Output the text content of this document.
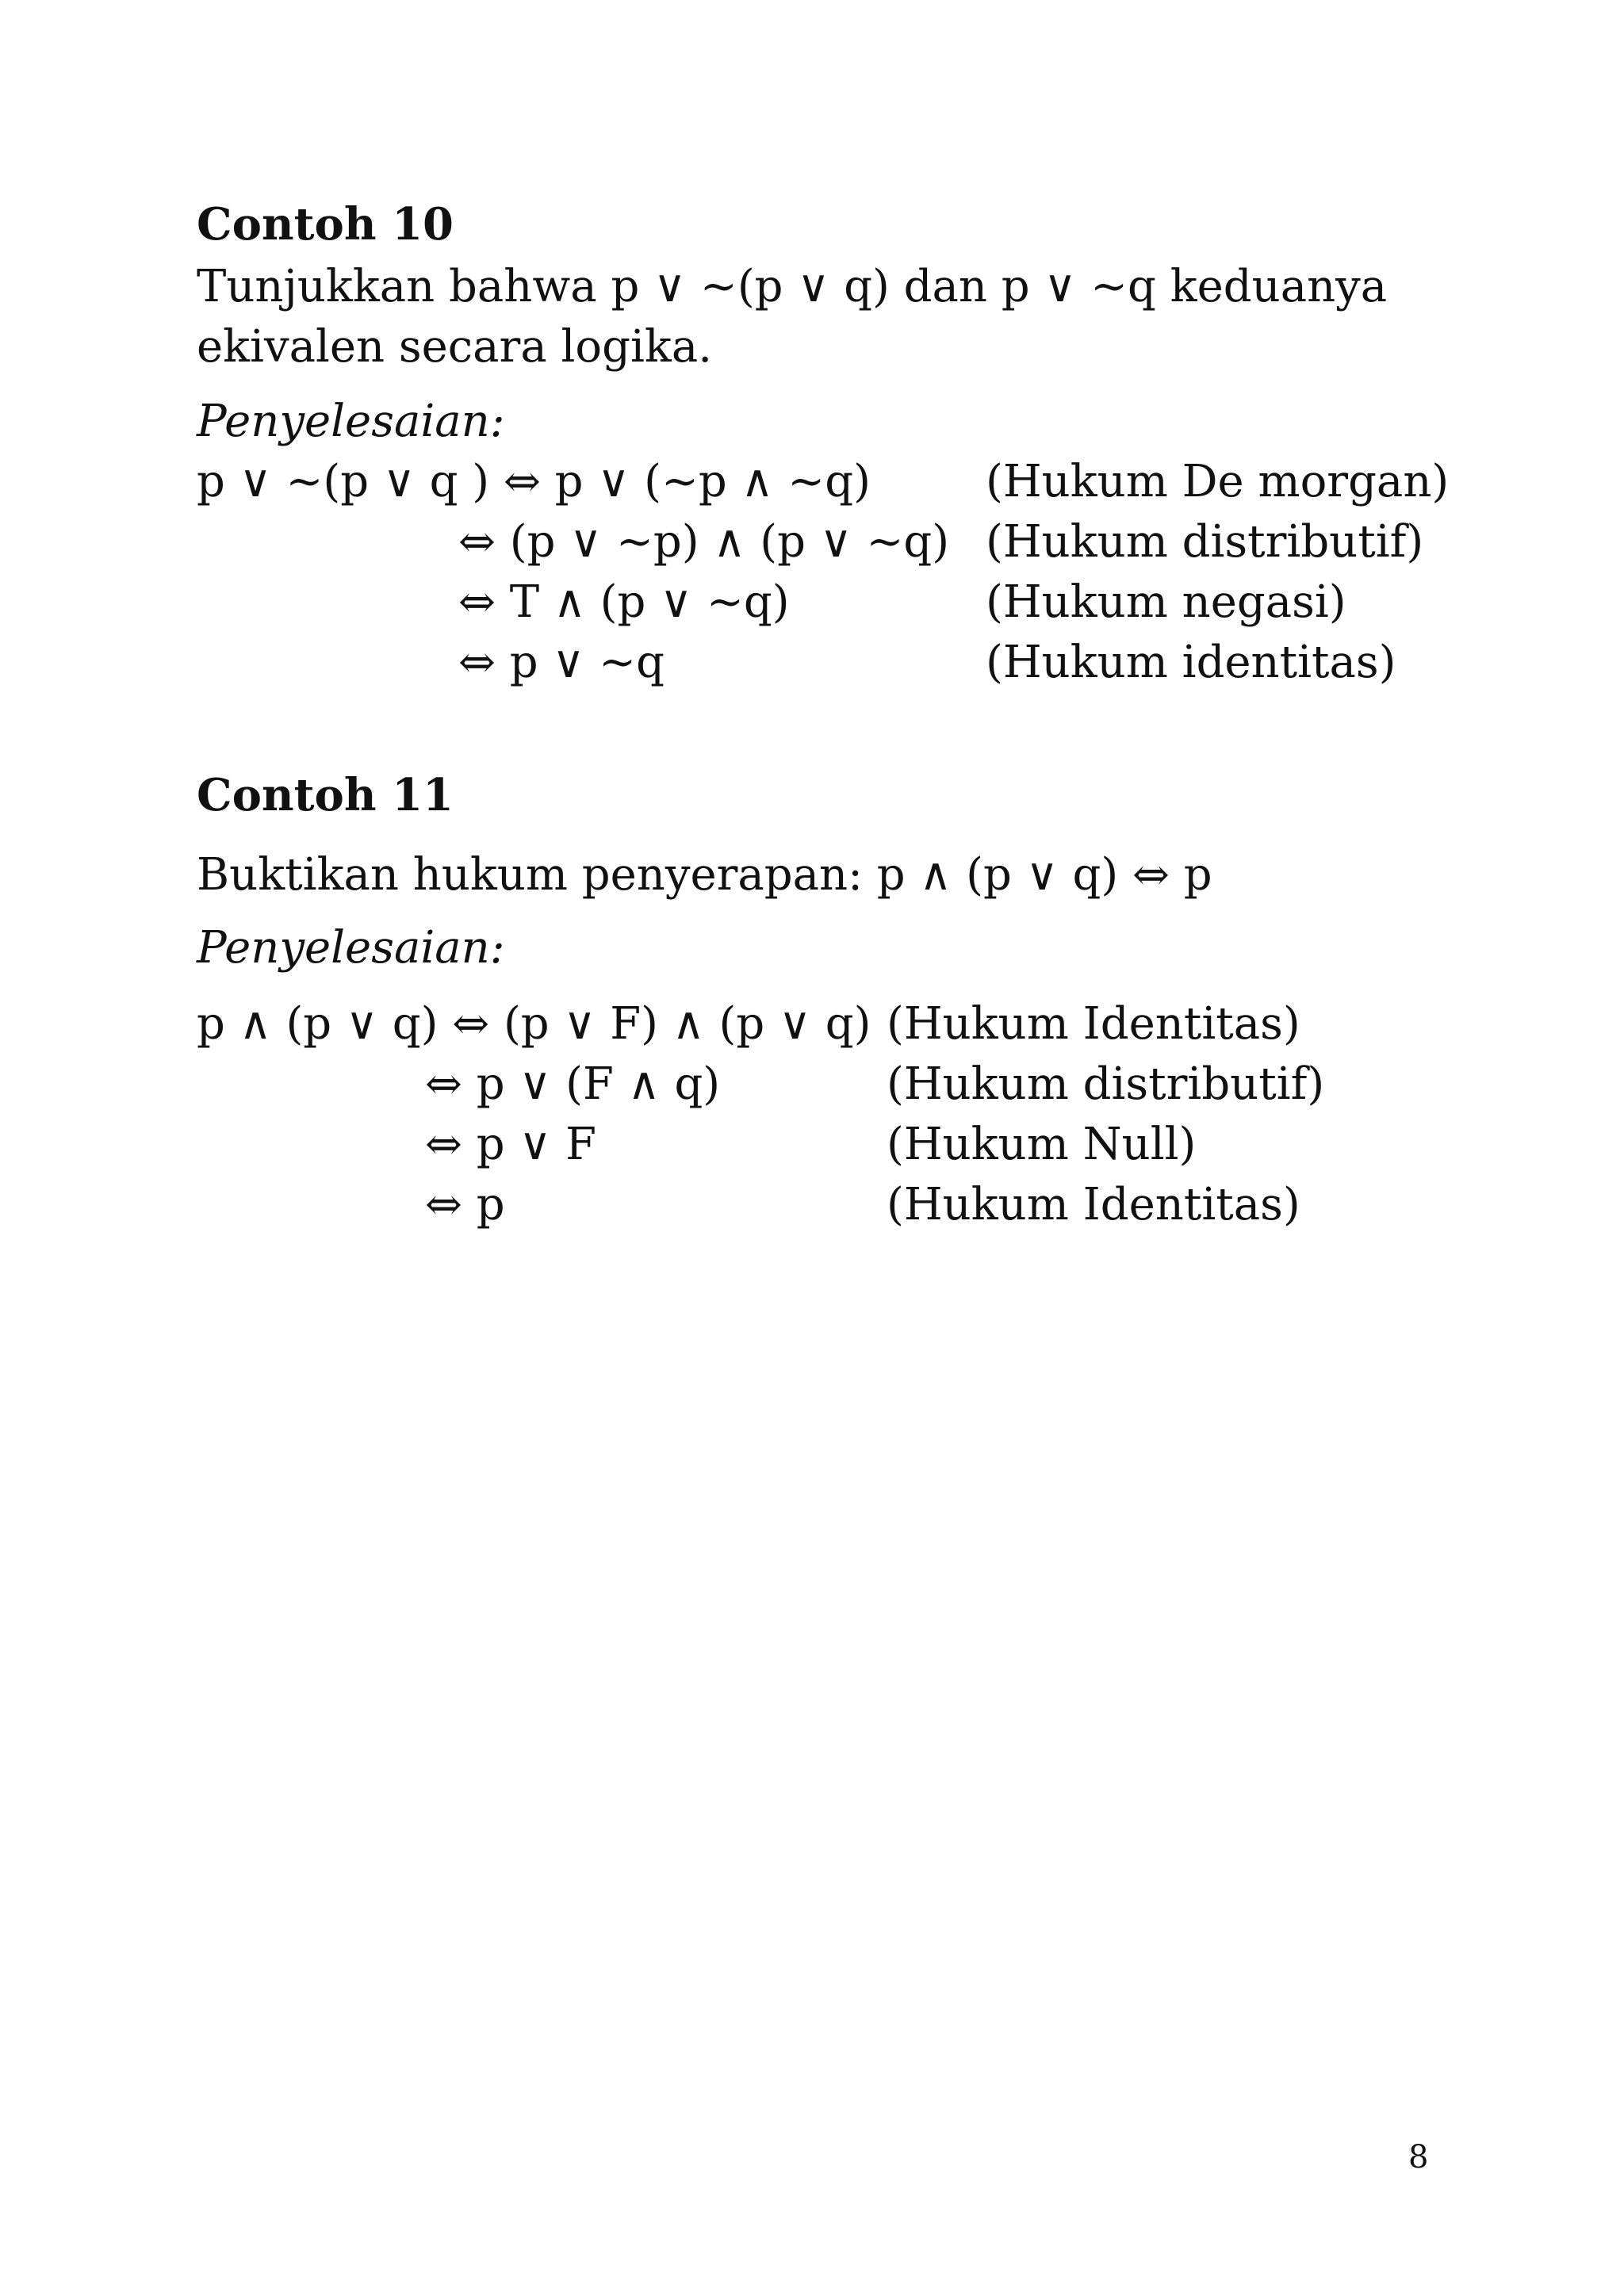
Contoh 10
Tunjukkan bahwa p ∨ ~(p ∨ q) dan p ∨ ~q keduanya
ekivalen secara logika.
Penyelesaian:
p ∨ ~(p ∨ q ) ⇔ p ∨ (~p ∧ ~q)	(Hukum De morgan)
⇔ (p ∨ ~p) ∧ (p ∨ ~q) (Hukum distributif)
⇔ T ∧ (p ∨ ~q)	(Hukum negasi)
⇔ p ∨ ~q	(Hukum identitas)
Contoh 11
Buktikan hukum penyerapan: p ∧ (p ∨ q) ⇔ p
Penyelesaian:
p ∧ (p ∨ q) ⇔ (p ∨ F) ∧ (p ∨ q) (Hukum Identitas)
⇔ p ∨ (F ∧ q)	(Hukum distributif)
⇔ p ∨ F	(Hukum Null)
⇔ p	(Hukum Identitas)
8
